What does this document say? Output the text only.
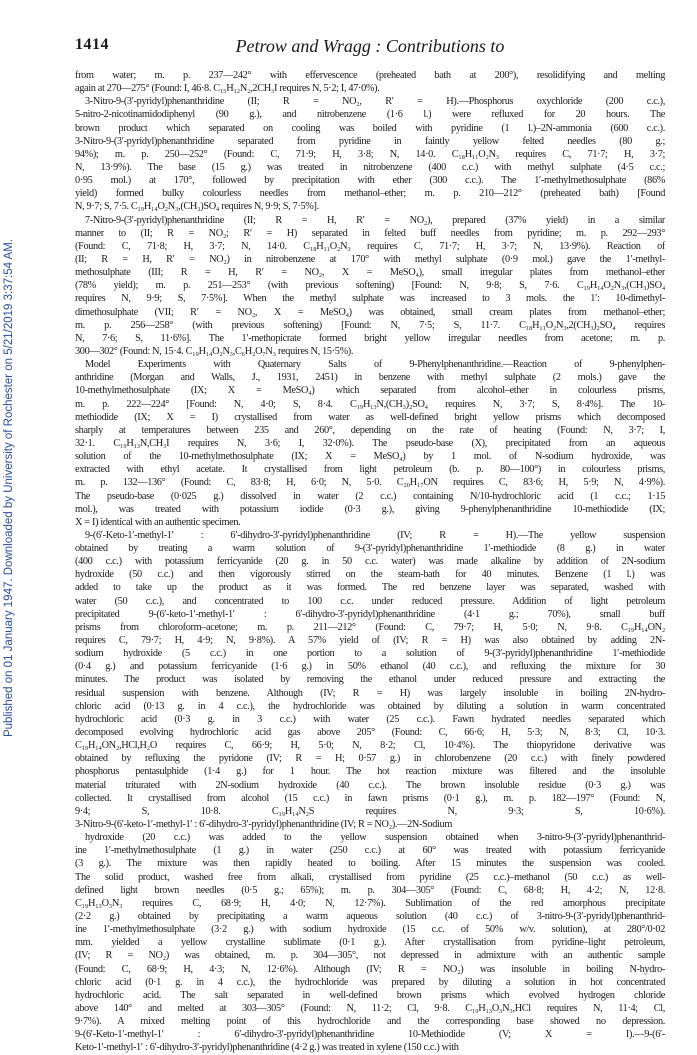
1414	Petrow and Wragg : Contributions to
Published on 01 January 1947. Downloaded by University of Rochester on 5/21/2019 3:37:54 AM.
from water; m. p. 237—242° with effervescence (preheated bath at 200°), resolidifying and melting
again at 270—275° (Found: I, 46·8. C₁₅H₁₂N₂,2CH₃I requires N, 5·2; I, 47·0%).
3-Nitro-9-(3′-pyridyl)phenanthridine (II; R = NO₂, R′ = H).—Phosphorus oxychloride (200 c.c.),
5-nitro-2-nicotinamidodiphenyl (90 g.), and nitrobenzene (1·6 l.) were refluxed for 20 hours. The
brown product which separated on cooling was boiled with pyridine (1 l.)–2N-ammonia (600 c.c.).
3-Nitro-9-(3′-pyridyl)phenanthridine separated from pyridine in faintly yellow felted needles (80 g.;
94%); m. p. 250—252° (Found: C, 71·9; H, 3·8; N, 14·0. C₁₈H₁₁O₂N₃ requires C, 71·7; H, 3·7;
N, 13·9%). The base (15 g.) was treated in nitrobenzene (400 c.c.) with methyl sulphate (4·5 c.c.;
0·95 mol.) at 170°, followed by precipitation with ether (300 c.c.). The 1′-methylmethosulphate (86%
yield) formed bulky colourless needles from methanol–ether; m. p. 210—212° (preheated bath) [Found
N, 9·7; S, 7·5. C₁₉H₁₄O₂N₃,(CH₃)SO₄ requires N, 9·9; S, 7·5%].
7-Nitro-9-(3′-pyridyl)phenanthridine (II; R = H, R′ = NO₂), prepared (37% yield) in a similar
manner to (II; R = NO₂; R′ = H) separated in felted buff needles from pyridine; m. p. 292—293°
(Found: C, 71·8; H, 3·7; N, 14·0. C₁₈H₁₁O₂N₃ requires C, 71·7; H, 3·7; N, 13·9%). Reaction of
(II; R = H, R′ = NO₂) in nitrobenzene at 170° with methyl sulphate (0·9 mol.) gave the 1′-methyl-
methosulphate (III; R = H, R′ = NO₂, X = MeSO₄), small irregular plates from methanol–ether
(78% yield); m. p. 251—253° (with previous softening) [Found: N, 9·8; S, 7·6. C₁₉H₁₄O₂N₃,(CH₃)SO₄
requires N, 9·9; S, 7·5%]. When the methyl sulphate was increased to 3 mols. the 1′: 10-dimethyl-
dimethosulphate (VII; R′ = NO₂, X = MeSO₄) was obtained, small cream plates from methanol–ether;
m. p. 256—258° (with previous softening) [Found: N, 7·5; S, 11·7. C₁₈H₁₁O₂N₃,2(CH₃)₂SO₄ requires
N, 7·6; S, 11·6%]. The 1′-methopicrate formed bright yellow irregular needles from acetone; m. p.
300—302° (Found: N, 15·4. C₁₉H₁₄O₂N₃,C₆H₂O₇N₃ requires N, 15·5%).
Model Experiments with Quaternary Salts of 9-Phenylphenanthridine.—Reaction of 9-phenylphen-
anthridine (Morgan and Walls, J., 1931, 2451) in benzene with methyl sulphate (2 mols.) gave the
10-methylmethosulphate (IX; X = MeSO₄) which separated from alcohol–ether in colourless prisms,
m. p. 222—224° [Found: N, 4·0; S, 8·4. C₁₉H₁₃N,(CH₃)₂SO₄ requires N, 3·7; S, 8·4%]. The 10-
methiodide (IX; X = I) crystallised from water as well-defined bright yellow prisms which decomposed
sharply at temperatures between 235 and 260°, depending on the rate of heating (Found: N, 3·7; I,
32·1. C₁₉H₁₃N,CH₃I requires N, 3·6; I, 32·0%). The pseudo-base (X), precipitated from an aqueous
solution of the 10-methylmethosulphate (IX; X = MeSO₄) by 1 mol. of N-sodium hydroxide, was
extracted with ethyl acetate. It crystallised from light petroleum (b. p. 80—100°) in colourless prisms,
m. p. 132—136° (Found: C, 83·8; H, 6·0; N, 5·0. C₂₀H₁₇ON requires C, 83·6; H, 5·9; N, 4·9%).
The pseudo-base (0·025 g.) dissolved in water (2 c.c.) containing N/10-hydrochloric acid (1 c.c.; 1·15
mol.), was treated with potassium iodide (0·3 g.), giving 9-phenylphenanthridine 10-methiodide (IX;
X = I) identical with an authentic specimen.
9-(6′-Keto-1′-methyl-1′ : 6′-dihydro-3′-pyridyl)phenanthridine (IV; R = H).—The yellow suspension
obtained by treating a warm solution of 9-(3′-pyridyl)phenanthridine 1′-methiodide (8 g.) in water
(400 c.c.) with potassium ferricyanide (20 g. in 50 c.c. water) was made alkaline by addition of 2N-sodium
hydroxide (50 c.c.) and then vigorously stirred on the steam-bath for 40 minutes. Benzene (1 l.) was
added to take up the product as it was formed. The red benzene layer was separated, washed with
water (50 c.c.), and concentrated to 100 c.c. under reduced pressure. Addition of light petroleum
precipitated 9-(6′-keto-1′-methyl-1′ : 6′-dihydro-3′-pyridyl)phenanthridine (4·1 g.; 70%), small buff
prisms from chloroform–acetone; m. p. 211—212° (Found: C, 79·7; H, 5·0; N, 9·8. C₁₉H₁₄ON₂
requires C, 79·7; H, 4·9; N, 9·8%). A 57% yield of (IV; R = H) was also obtained by adding 2N-
sodium hydroxide (5 c.c.) in one portion to a solution of 9-(3′-pyridyl)phenanthridine 1′-methiodide
(0·4 g.) and potassium ferricyanide (1·6 g.) in 50% ethanol (40 c.c.), and refluxing the mixture for 30
minutes. The product was isolated by removing the ethanol under reduced pressure and extracting the
residual suspension with benzene. Although (IV; R = H) was largely insoluble in boiling 2N-hydro-
chloric acid (0·13 g. in 4 c.c.), the hydrochloride was obtained by diluting a solution in warm concentrated
hydrochloric acid (0·3 g. in 3 c.c.) with water (25 c.c.). Fawn hydrated needles separated which
decomposed evolving hydrochloric acid gas above 205° (Found: C, 66·6; H, 5·3; N, 8·3; Cl, 10·3.
C₁₉H₁₄ON₂,HCl,H₂O requires C, 66·9; H, 5·0; N, 8·2; Cl, 10·4%). The thiopyridone derivative was
obtained by refluxing the pyridone (IV; R = H; 0·57 g.) in chlorobenzene (20 c.c.) with finely powdered
phosphorus pentasulphide (1·4 g.) for 1 hour. The hot reaction mixture was filtered and the insoluble
material triturated with 2N-sodium hydroxide (40 c.c.). The brown insoluble residue (0·3 g.) was
collected. It crystallised from alcohol (15 c.c.) in fawn prisms (0·1 g.), m. p. 182—197° (Found: N,
9·4; S, 10·8. C₁₉H₁₄N₂S requires N, 9·3; S, 10·6%).
3-Nitro-9-(6′-keto-1′-methyl-1′ : 6′-dihydro-3′-pyridyl)phenanthridine (IV; R = NO₂).—2N-Sodium
hydroxide (20 c.c.) was added to the yellow suspension obtained when 3-nitro-9-(3′-pyridyl)phenanthrid-
ine 1′-methylmethosulphate (1 g.) in water (250 c.c.) at 60° was treated with potassium ferricyanide
(3 g.). The mixture was then rapidly heated to boiling. After 15 minutes the suspension was cooled.
The solid product, washed free from alkali, crystallised from pyridine (25 c.c.)–methanol (50 c.c.) as well-
defined light brown needles (0·5 g.; 65%); m. p. 304—305° (Found: C, 68·8; H, 4·2; N, 12·8.
C₁₉H₁₃O₃N₃ requires C, 68·9; H, 4·0; N, 12·7%). Sublimation of the red amorphous precipitate
(2·2 g.) obtained by precipitating a warm aqueous solution (40 c.c.) of 3-nitro-9-(3′-pyridyl)phenanthrid-
ine 1′-methylmethosulphate (3·2 g.) with sodium hydroxide (15 c.c. of 50% w/v. solution), at 280°/0·02
mm. yielded a yellow crystalline sublimate (0·1 g.). After crystallisation from pyridine–light petroleum,
(IV; R = NO₂) was obtained, m. p. 304—305°, not depressed in admixture with an authentic sample
(Found: C, 68·9; H, 4·3; N, 12·6%). Although (IV; R = NO₂) was insoluble in boiling N-hydro-
chloric acid (0·1 g. in 4 c.c.), the hydrochloride was prepared by diluting a solution in hot concentrated
hydrochloric acid. The salt separated in well-defined brown prisms which evolved hydrogen chloride
above 140° and melted at 303—305° (Found: N, 11·2; Cl, 9·8. C₁₉H₁₃O₃N₃,HCl requires N, 11·4; Cl,
9·7%). A mixed melting point of this hydrochloride and the corresponding base showed no depression.
9-(6′-Keto-1′-methyl-1′ : 6′-dihydro-3′-pyridyl)phenanthridine 10-Methiodide (V; X = I).—9-(6′-
Keto-1′-methyl-1′ : 6′-dihydro-3′-pyridyl)phenanthridine (4·2 g.) was treated in xylene (150 c.c.) with
